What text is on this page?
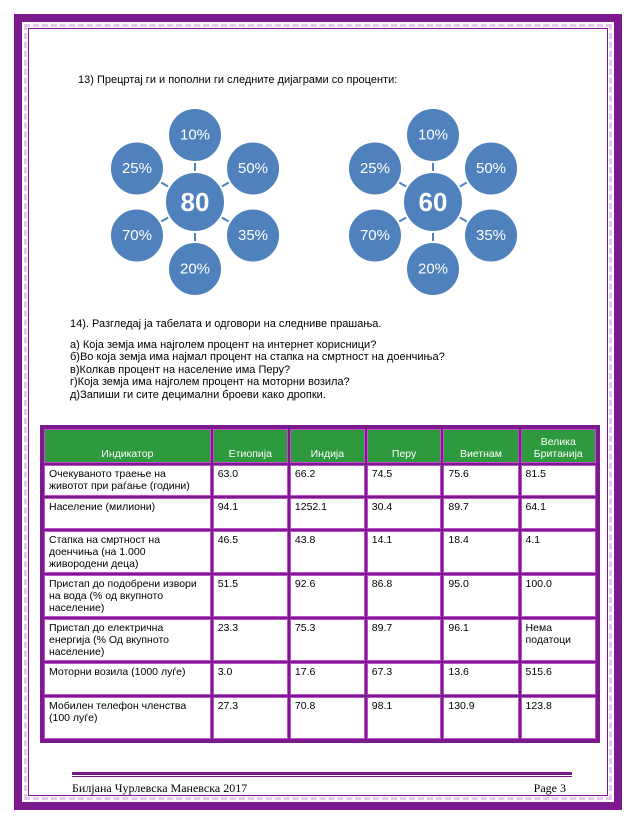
13) Прецртај ги и пополни ги следните дијаграми со проценти:
10%
50%
35%
20%
70%
25%
80
10%
50%
35%
20%
70%
25%
60
14). Разгледај ја табелата и одговори на следниве прашања.
а) Која земја има најголем процент на интернет корисници?
б)Во која земја има најмал процент на стапка на смртност на доенчиња?
в)Колкав процент на население има Перу?
г)Која земја има најголем процент на моторни возила?
д)Запиши ги сите децимални броеви како дропки.
Индикатор	Етиопија	Индија	Перу	Виетнам	Велика Британија
Очекуваното траење на животот при раѓање (години)	63.0	66.2	74.5	75.6	81.5
Население (милиони)	94.1	1252.1	30.4	89.7	64.1
Стапка на смртност на доенчиња (на 1.000 живородени деца)	46.5	43.8	14.1	18.4	4.1
Пристап до подобрени извори на вода (% од вкупното население)	51.5	92.6	86.8	95.0	100.0
Пристап до електрична енергија (% Од вкупното население)	23.3	75.3	89.7	96.1	Нема податоци
Моторни возила (1000 луѓе)	3.0	17.6	67.3	13.6	515.6
Мобилен телефон членства (100 луѓе)	27.3	70.8	98.1	130.9	123.8
Билјана Чурлевска Маневска 2017	Page 3
